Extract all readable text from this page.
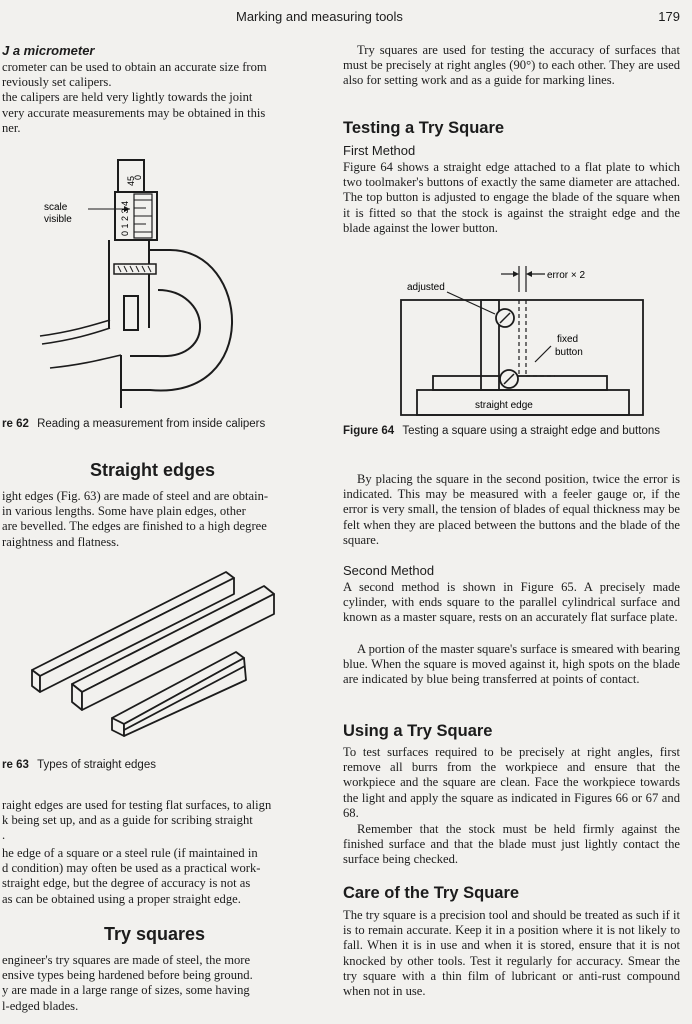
Marking and measuring tools	179
J a micrometer
crometer can be used to obtain an accurate size from
reviously set calipers.
the calipers are held very lightly towards the joint
very accurate measurements may be obtained in this
ner.
0 1 2 3 4
45
0
scale
visible
re 62 Reading a measurement from inside calipers
Straight edges
ight edges (Fig. 63) are made of steel and are obtain-
in various lengths. Some have plain edges, other
are bevelled. The edges are finished to a high degree
raightness and flatness.
re 63 Types of straight edges
raight edges are used for testing flat surfaces, to align
k being set up, and as a guide for scribing straight
.
he edge of a square or a steel rule (if maintained in
d condition) may often be used as a practical work-
straight edge, but the degree of accuracy is not as
as can be obtained using a proper straight edge.
Try squares
engineer's try squares are made of steel, the more
ensive types being hardened before being ground.
y are made in a large range of sizes, some having
l-edged blades.

Try squares are used for testing the accuracy of surfaces that must be precisely at right angles (90°) to each other. They are used also for setting work and as a guide for marking lines.

Testing a Try Square
First Method

Figure 64 shows a straight edge attached to a flat plate to which two toolmaker's buttons of exactly the same diameter are attached. The top button is adjusted to engage the blade of the square when it is fitted so that the stock is against the straight edge and the blade against the lower button.

adjusted
error × 2
fixed
button
straight edge
Figure 64 Testing a square using a straight edge and buttons

By placing the square in the second position, twice the error is indicated. This may be measured with a feeler gauge or, if the error is very small, the tension of blades of equal thickness may be felt when they are placed between the buttons and the blade of the square.

Second Method

A second method is shown in Figure 65. A precisely made cylinder, with ends square to the parallel cylindrical surface and known as a master square, rests on an accurately flat surface plate.

A portion of the master square's surface is smeared with bearing blue. When the square is moved against it, high spots on the blade are indicated by blue being transferred at points of contact.

Using a Try Square

To test surfaces required to be precisely at right angles, first remove all burrs from the workpiece and ensure that the workpiece and the square are clean. Face the workpiece towards the light and apply the square as indicated in Figures 66 or 67 and 68.

Remember that the stock must be held firmly against the finished surface and that the blade must just lightly contact the surface being checked.

Care of the Try Square

The try square is a precision tool and should be treated as such if it is to remain accurate. Keep it in a position where it is not likely to fall. When it is in use and when it is stored, ensure that it is not knocked by other tools. Test it regularly for accuracy. Smear the try square with a thin film of lubricant or anti-rust compound when not in use.
